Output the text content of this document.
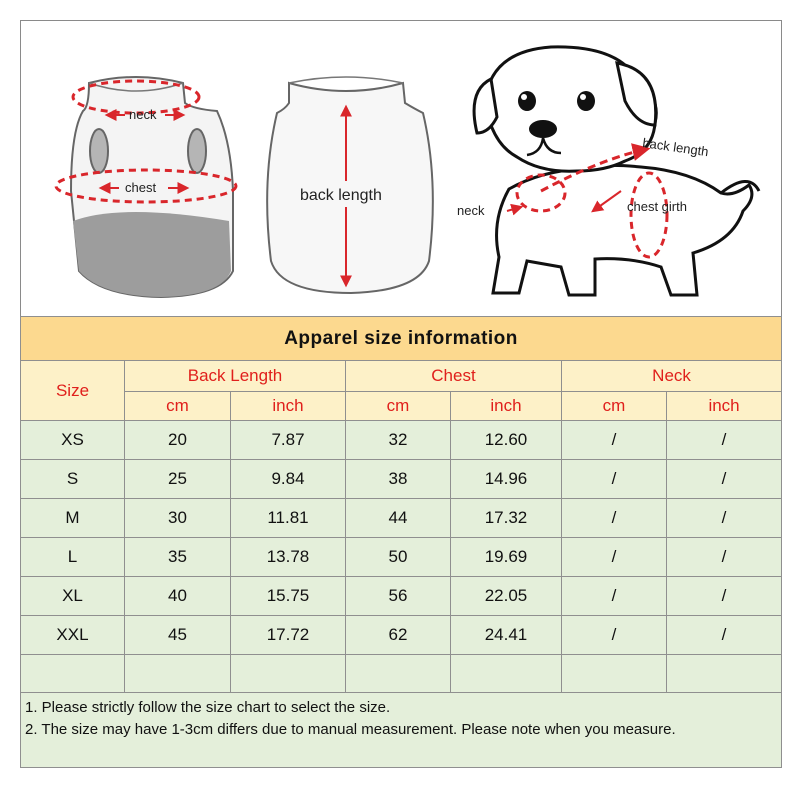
neck
chest	back length
back length
neck	chest girth
Apparel size information						
Size	Back Length		Chest		Neck	
	cm	inch	cm	inch	cm	inch
XS	20	7.87	32	12.60	/	/
S	25	9.84	38	14.96	/	/
M	30	11.81	44	17.32	/	/
L	35	13.78	50	19.69	/	/
XL	40	15.75	56	22.05	/	/
XXL	45	17.72	62	24.41	/	/

1. Please strictly follow the size chart to select the size.
2. The size may have 1-3cm differs due to manual measurement. Please note when you measure.						
